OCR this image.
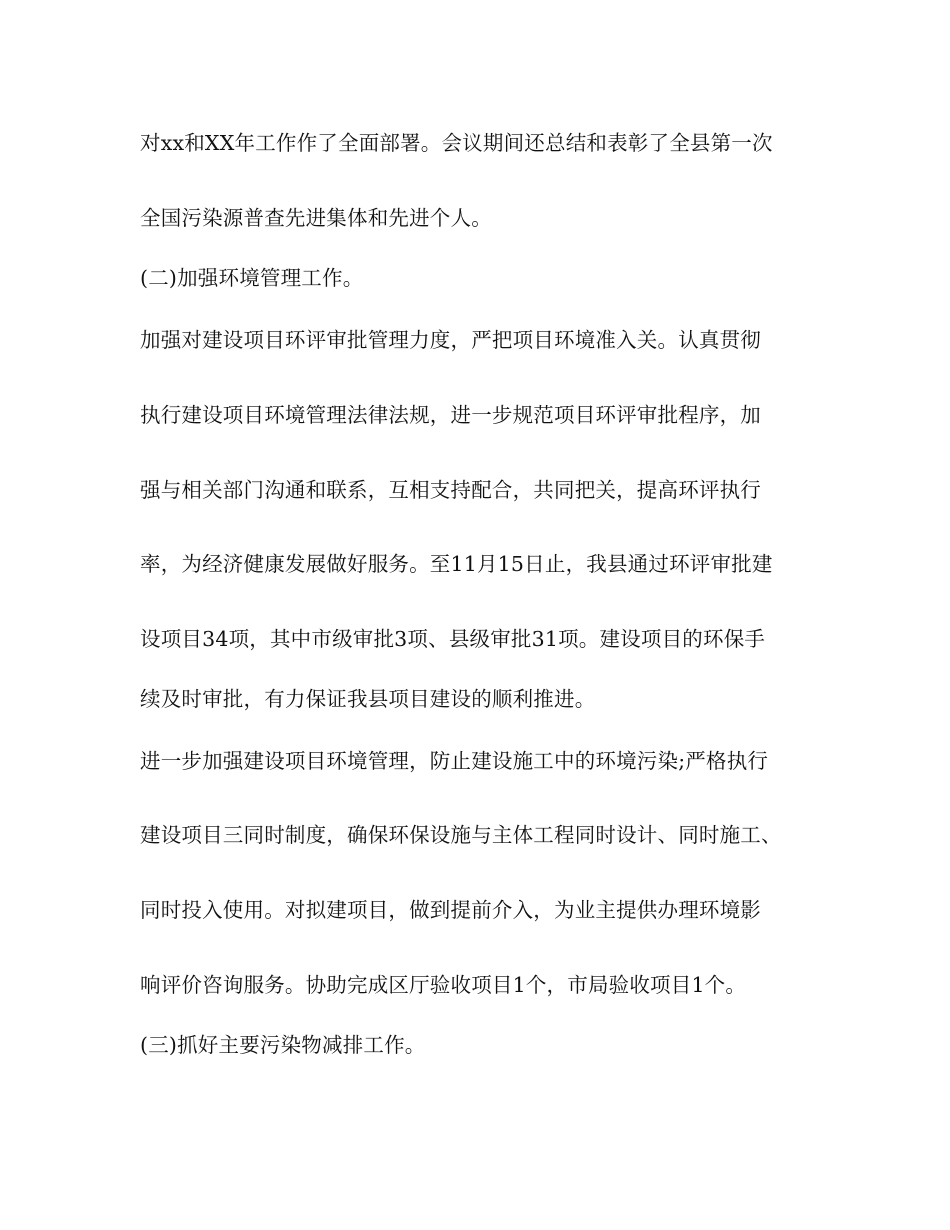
对xx和XX年工作作了全面部署。会议期间还总结和表彰了全县第一次
全国污染源普查先进集体和先进个人。
(二)加强环境管理工作。
加强对建设项目环评审批管理力度，严把项目环境准入关。认真贯彻
执行建设项目环境管理法律法规，进一步规范项目环评审批程序，加
强与相关部门沟通和联系，互相支持配合，共同把关，提高环评执行
率，为经济健康发展做好服务。至11月15日止，我县通过环评审批建
设项目34项，其中市级审批3项、县级审批31项。建设项目的环保手
续及时审批，有力保证我县项目建设的顺利推进。
进一步加强建设项目环境管理，防止建设施工中的环境污染;严格执行
建设项目三同时制度，确保环保设施与主体工程同时设计、同时施工、
同时投入使用。对拟建项目，做到提前介入，为业主提供办理环境影
响评价咨询服务。协助完成区厅验收项目1个，市局验收项目1个。
(三)抓好主要污染物减排工作。
